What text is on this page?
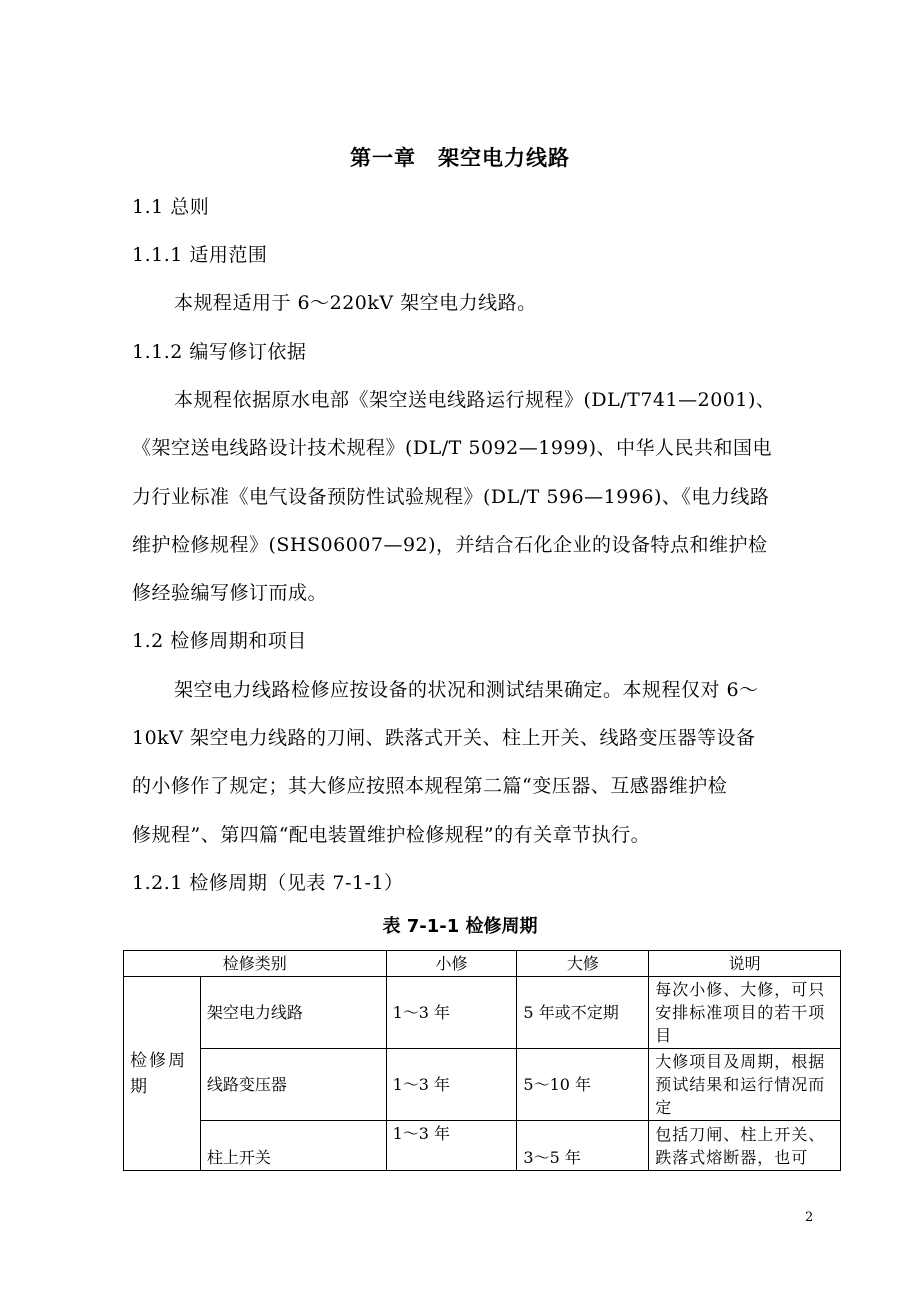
第一章　架空电力线路
1.1 总则
1.1.1 适用范围
本规程适用于 6～220kV 架空电力线路。
1.1.2 编写修订依据
本规程依据原水电部《架空送电线路运行规程》(DL/T741—2001)、
《架空送电线路设计技术规程》(DL/T 5092—1999)、中华人民共和国电
力行业标准《电气设备预防性试验规程》(DL/T 596—1996)、《电力线路
维护检修规程》(SHS06007—92)，并结合石化企业的设备特点和维护检
修经验编写修订而成。
1.2 检修周期和项目
架空电力线路检修应按设备的状况和测试结果确定。本规程仅对 6～
10kV 架空电力线路的刀闸、跌落式开关、柱上开关、线路变压器等设备
的小修作了规定；其大修应按照本规程第二篇“变压器、互感器维护检
修规程”、第四篇“配电装置维护检修规程”的有关章节执行。
1.2.1 检修周期（见表 7-1-1）
表 7-1-1 检修周期
检修类别		小修	大修	说明
检修周期	架空电力线路	1～3 年	5 年或不定期	每次小修、大修，可只安排标准项目的若干项目
	线路变压器	1～3 年	5～10 年	大修项目及周期，根据预试结果和运行情况而定
	柱上开关	1～3 年	3～5 年	包括刀闸、柱上开关、跌落式熔断器，也可
2
